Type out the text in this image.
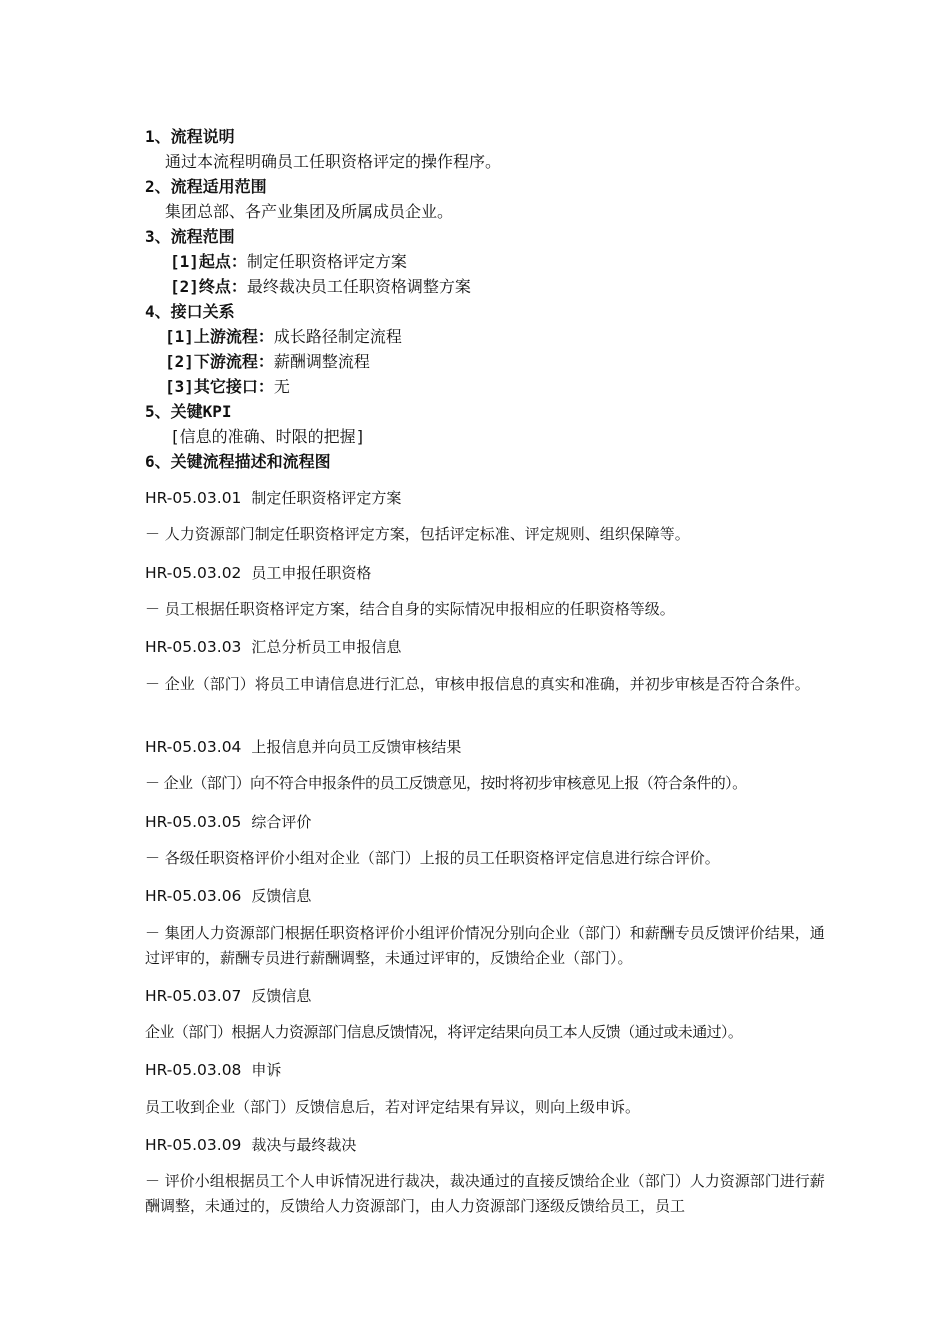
1、流程说明
通过本流程明确员工任职资格评定的操作程序。
2、流程适用范围
集团总部、各产业集团及所属成员企业。
3、流程范围
[1]起点：制定任职资格评定方案
[2]终点：最终裁决员工任职资格调整方案
4、接口关系
[1]上游流程：成长路径制定流程
[2]下游流程：薪酬调整流程
[3]其它接口：无
5、关键KPI
[信息的准确、时限的把握]
6、关键流程描述和流程图
HR-05.03.01 制定任职资格评定方案
－ 人力资源部门制定任职资格评定方案，包括评定标准、评定规则、组织保障等。
HR-05.03.02 员工申报任职资格
－ 员工根据任职资格评定方案，结合自身的实际情况申报相应的任职资格等级。
HR-05.03.03 汇总分析员工申报信息
－ 企业（部门）将员工申请信息进行汇总，审核申报信息的真实和准确，并初步审核是否符合条件。
HR-05.03.04 上报信息并向员工反馈审核结果
－ 企业（部门）向不符合申报条件的员工反馈意见，按时将初步审核意见上报（符合条件的）。
HR-05.03.05 综合评价
－ 各级任职资格评价小组对企业（部门）上报的员工任职资格评定信息进行综合评价。
HR-05.03.06 反馈信息
－ 集团人力资源部门根据任职资格评价小组评价情况分别向企业（部门）和薪酬专员反馈评价结果，通过评审的，薪酬专员进行薪酬调整，未通过评审的，反馈给企业（部门）。
HR-05.03.07 反馈信息
企业（部门）根据人力资源部门信息反馈情况，将评定结果向员工本人反馈（通过或未通过）。
HR-05.03.08 申诉
员工收到企业（部门）反馈信息后，若对评定结果有异议，则向上级申诉。
HR-05.03.09 裁决与最终裁决
－ 评价小组根据员工个人申诉情况进行裁决，裁决通过的直接反馈给企业（部门）人力资源部门进行薪酬调整，未通过的，反馈给人力资源部门，由人力资源部门逐级反馈给员工，员工
